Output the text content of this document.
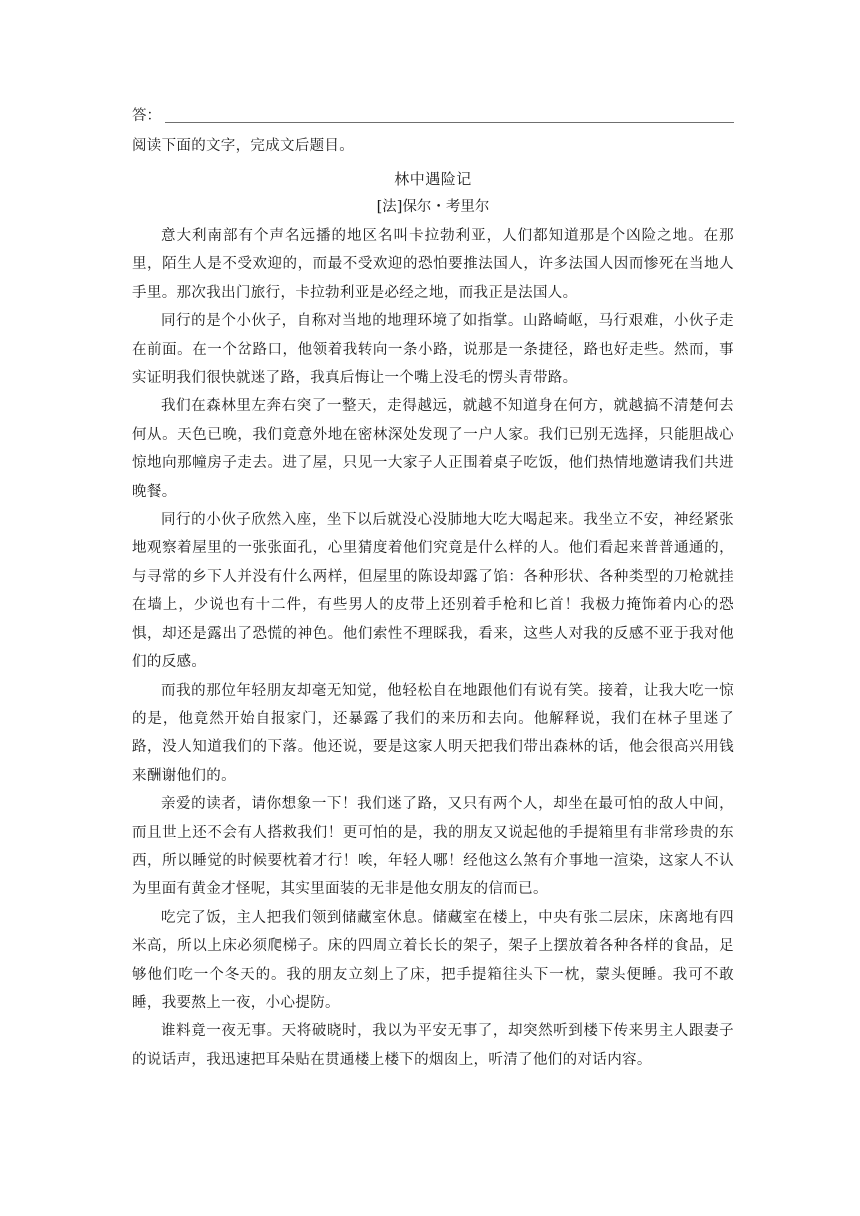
答：
阅读下面的文字，完成文后题目。
林中遇险记
[法]保尔・考里尔

意大利南部有个声名远播的地区名叫卡拉勃利亚，人们都知道那是个凶险之地。在那里，陌生人是不受欢迎的，而最不受欢迎的恐怕要推法国人，许多法国人因而惨死在当地人手里。那次我出门旅行，卡拉勃利亚是必经之地，而我正是法国人。

同行的是个小伙子，自称对当地的地理环境了如指掌。山路崎岖，马行艰难，小伙子走在前面。在一个岔路口，他领着我转向一条小路，说那是一条捷径，路也好走些。然而，事实证明我们很快就迷了路，我真后悔让一个嘴上没毛的愣头青带路。

我们在森林里左奔右突了一整天，走得越远，就越不知道身在何方，就越搞不清楚何去何从。天色已晚，我们竟意外地在密林深处发现了一户人家。我们已别无选择，只能胆战心惊地向那幢房子走去。进了屋，只见一大家子人正围着桌子吃饭，他们热情地邀请我们共进晚餐。

同行的小伙子欣然入座，坐下以后就没心没肺地大吃大喝起来。我坐立不安，神经紧张地观察着屋里的一张张面孔，心里猜度着他们究竟是什么样的人。他们看起来普普通通的，与寻常的乡下人并没有什么两样，但屋里的陈设却露了馅：各种形状、各种类型的刀枪就挂在墙上，少说也有十二件，有些男人的皮带上还别着手枪和匕首！我极力掩饰着内心的恐惧，却还是露出了恐慌的神色。他们索性不理睬我，看来，这些人对我的反感不亚于我对他们的反感。

而我的那位年轻朋友却毫无知觉，他轻松自在地跟他们有说有笑。接着，让我大吃一惊的是，他竟然开始自报家门，还暴露了我们的来历和去向。他解释说，我们在林子里迷了路，没人知道我们的下落。他还说，要是这家人明天把我们带出森林的话，他会很高兴用钱来酬谢他们的。

亲爱的读者，请你想象一下！我们迷了路，又只有两个人，却坐在最可怕的敌人中间，而且世上还不会有人搭救我们！更可怕的是，我的朋友又说起他的手提箱里有非常珍贵的东西，所以睡觉的时候要枕着才行！唉，年轻人哪！经他这么煞有介事地一渲染，这家人不认为里面有黄金才怪呢，其实里面装的无非是他女朋友的信而已。

吃完了饭，主人把我们领到储藏室休息。储藏室在楼上，中央有张二层床，床离地有四米高，所以上床必须爬梯子。床的四周立着长长的架子，架子上摆放着各种各样的食品，足够他们吃一个冬天的。我的朋友立刻上了床，把手提箱往头下一枕，蒙头便睡。我可不敢睡，我要熬上一夜，小心提防。

谁料竟一夜无事。天将破晓时，我以为平安无事了，却突然听到楼下传来男主人跟妻子的说话声，我迅速把耳朵贴在贯通楼上楼下的烟囱上，听清了他们的对话内容。
